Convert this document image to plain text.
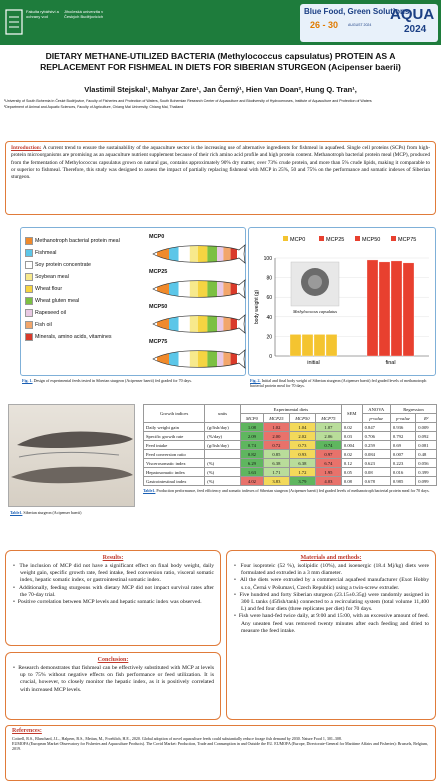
Fakulta rybářství a ochrany vod
Jihočeská univerzita v Českých Budějovicích
Blue Food, Green Solutions
26 - 30	AUGUST 2024
AQUA
2024
DIETARY METHANE-UTILIZED BACTERIA (Methylococcus capsulatus) PROTEIN AS A
REPLACEMENT FOR FISHMEAL IN DIETS FOR SIBERIAN STURGEON (Acipenser baerii)
Vlastimil Stejskal¹, Mahyar Zare¹, Jan Černý¹, Hien Van Doan², Hung Q. Tran¹,
¹University of South Bohemia in České Budějovice, Faculty of Fisheries and Protection of Waters, South Bohemian Research Center of Aquaculture and Biodiversity of Hydrocenoses, Institute of Aquaculture and Protection of Waters
²Department of Animal and Aquatic Sciences, Faculty of Agriculture, Chiang Mai University, Chiang Mai, Thailand
Introduction: A current trend to ensure the sustainability of the aquaculture sector is the increasing use of alternative ingredients for fishmeal in aquafeed. Single cell proteins (SCPs) from high-protein microorganisms are promising as an aquaculture nutrient supplement because of their rich amino acid profile and high protein content. Methanotroph bacterial protein meal (MCP), produced from the fermentation of Methylococcus capsulatus grown on natural gas, contains approximately 90% dry matter, over 73% crude protein, and more than 5% crude lipids, making it comparable to or superior to fishmeal. Therefore, this study was designed to assess the impact of partially replacing fishmeal with MCP in 25%, 50 and 75% on the performance and somatic indexes of Siberian sturgeon.
Methanotroph bacterial protein meal
Fishmeal
Soy protein concentrate
Soybean meal
Wheat flour
Wheat gluten meal
Rapeseed oil
Fish oil
Minerals, amino acids, vitamines
MCP0
MCP25
MCP50
MCP75
Fig. 1. Design of experimental feeds tested in Siberian sturgeon (Acipenser baerii) fed graded for 70 days.
MCP0	MCP25	MCP50	MCP75
0
20
40
60
80
100
body weight (g)
initial	final
Methylococcus capsulatus
Fig. 2. Initial and final body weight of Siberian sturgeon (Acipenser baerii) fed graded levels of methanotroph bacterial protein meal for 70 days.
Table1. Siberian sturgeon (Acipenser baerii)
Growth indices	units	Experimental diets				SEM	ANOVA	Regression	
		MCP0	MCP25	MCP50	MCP75		p-value	p-value	R²
Daily weight gain	(g/fish/day)	1.08	1.02	1.04	1.07	0.02	0.847	0.936	0.009
Specific growth rate	(%/day)	2.09	2.00	2.02	2.06	0.03	0.706	0.792	0.092
Feed intake	(g/fish/day)	0.74	0.72	0.73	0.74	0.004	0.259	0.69	0.081
Feed conversion ratio		0.82	0.85	0.93	0.97	0.02	0.084	0.007	0.48
Viscerosomatic index	(%)	6.29	6.38	6.38	6.74	0.12	0.623	0.223	0.056
Hepatosomatic index	(%)	1.63	1.71	1.72	1.95	0.05	0.08	0.016	0.399
Gastrointestinal index	(%)	4.02	3.83	3.79	4.03	0.08	0.678	0.985	0.099
Table1. Production performance, feed efficiency and somatic indexes of Siberian sturgeon (Acipenser baerii) fed graded levels of methanotroph bacterial protein meal for 70 days.
Results:
•  The inclusion of MCP did not have a significant effect on final body weight, daily weight gain, specific growth rate, feed intake, feed conversion ratio, visceral somatic index, hepatic somatic index, or gastrointestinal somatic index.
•  Additionally, feeding sturgeons with dietary MCP did not impact survival rates after the 70-day trial.
•  Positive correlation between MCP levels and hepatic somatic index was observed.
Conclusion:
•  Research demonstrates that fishmeal can be effectively substituted with MCP at levels up to 75% without negative effects on fish performance or feed utilization. It is crucial, however, to closely monitor the hepatic index, as it is positively correlated with increased MCP levels.
Materials and methods:
•  Four isoproteic (52 %), isolipidic (10%), and isoenergic (18.4 Mj/kg) diets were formulated and extruded in a 3 mm diameter.
•  All the diets were extruded by a commercial aquafeed manufacturer (Exot Hobby s.r.o, Černá v Pošumaví, Czech Republic) using a twin-screw extruder.
•  Five hundred and forty Siberian sturgeon (23.15±0.35g) were randomly assigned in 300 L tanks (45fish/tank) connected to a recirculating system (total volume 11,400 L) and fed four diets (three replicates per diet) for 70 days.
•  Fish were hand-fed twice daily, at 9:00 and 15:00, with an excessive amount of feed. Any uneaten feed was removed twenty minutes after each feeding and dried to measure the feed intake.
References:
Cottrell, R.S., Blanchard, J.L., Halpern, B.S., Metian, M., Froehlich, H.E., 2020. Global adoption of novel aquaculture feeds could substantially reduce forage fish demand by 2030. Nature Food 1, 301–308.
EUMOFA (European Market Observatory for Fisheries and Aquaculture Products). The Covid Market: Production, Trade and Consumption in and Outside the EU. EUMOFA (Europe, Directorate-General for Maritime Affairs and Fisheries): Brussels, Belgium, 2019.
